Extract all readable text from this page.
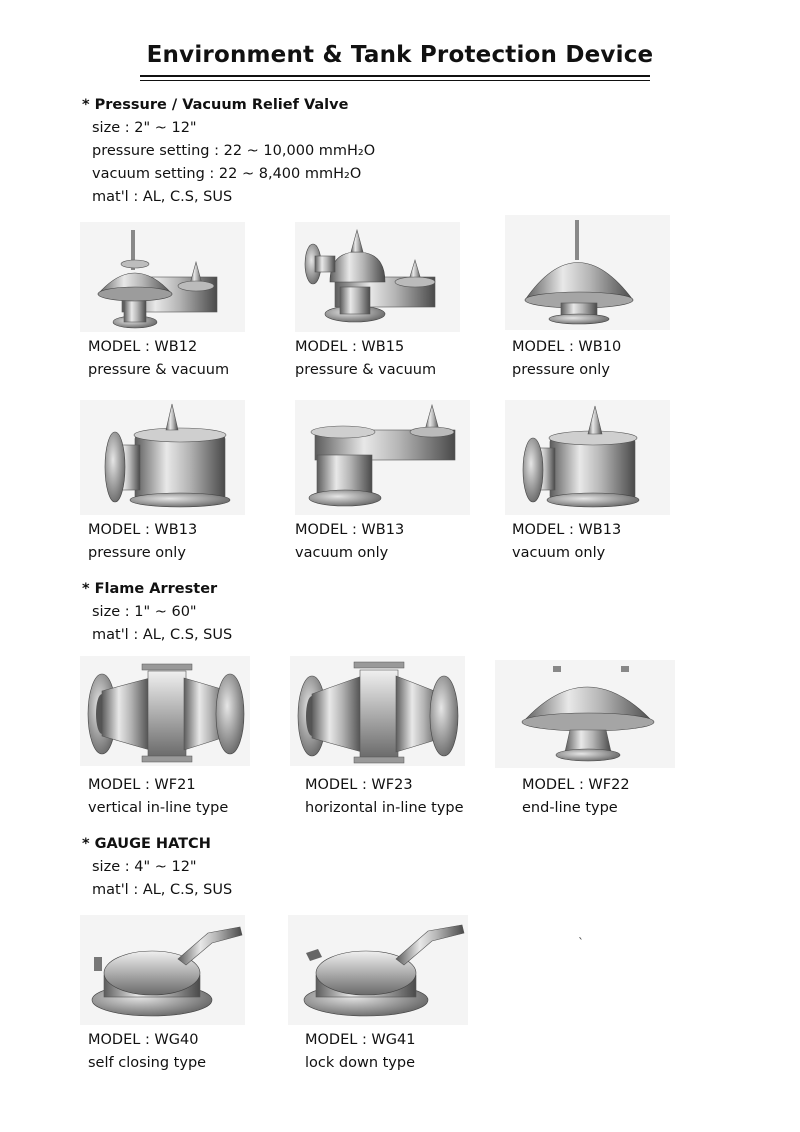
Environment & Tank Protection Device
* Pressure / Vacuum Relief Valve
size : 2" ~ 12"
pressure setting : 22 ~ 10,000 mmH₂O
vacuum setting : 22 ~ 8,400 mmH₂O
mat'l : AL, C.S, SUS
MODEL : WB12
pressure & vacuum
MODEL : WB15
pressure & vacuum
MODEL : WB10
pressure only
MODEL : WB13
pressure only
MODEL : WB13
vacuum only
MODEL : WB13
vacuum only
* Flame Arrester
size : 1" ~ 60"
mat'l : AL, C.S, SUS
MODEL : WF21
vertical in-line type
MODEL : WF23
horizontal in-line type
MODEL : WF22
end-line type
* GAUGE HATCH
size : 4" ~ 12"
mat'l : AL, C.S, SUS
MODEL : WG40
self closing type
MODEL : WG41
lock down type
`
